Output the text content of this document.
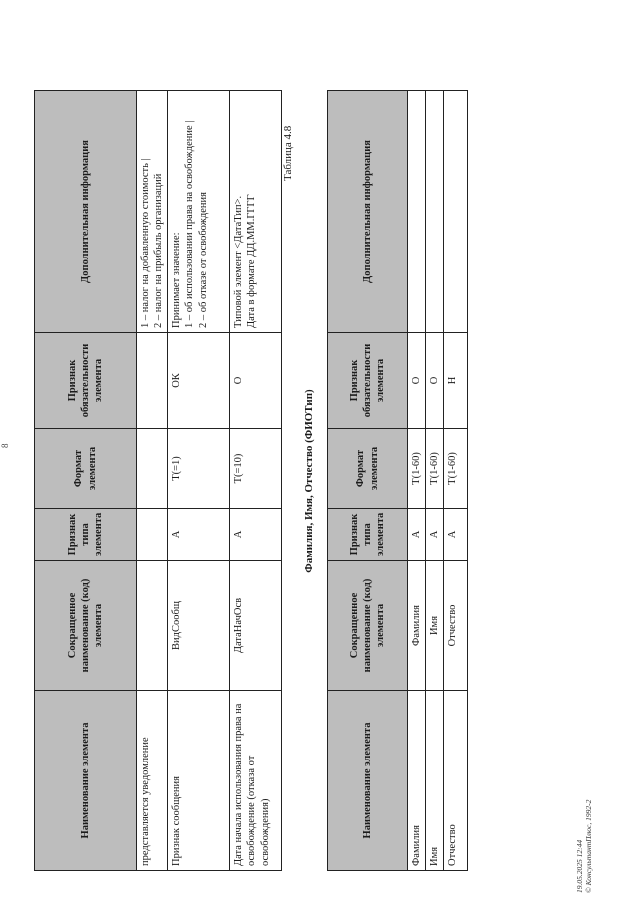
8
Наименование элемента	Сокращенное наименование (код) элемента	Признак типа элемента	Формат элемента	Признак обязательности элемента	Дополнительная информация
представляется уведомление					1 – налог на добавленную стоимость | 2 – налог на прибыль организаций

Признак сообщения	ВидСообщ	А	Т(=1)	ОК	Принимает значение: 1 – об использовании права на освобождение | 2 – об отказе от освобождения

Дата начала использования права на освобождение (отказа от освобождения)	ДатаНачОсв	А	Т(=10)	О	Типовой элемент <ДатаТип>. Дата в формате ДД.ММ.ГГГГ
Таблица 4.8
Фамилия, Имя, Отчество (ФИОТип)
Наименование элемента	Сокращенное наименование (код) элемента	Признак типа элемента	Формат элемента	Признак обязательности элемента	Дополнительная информация
Фамилия	Фамилия	А	Т(1-60)	О	
Имя	Имя	А	Т(1-60)	О	
Отчество	Отчество	А	Т(1-60)	Н	
19.05.2025 12:44 © КонсультантПлюс, 1992-2
